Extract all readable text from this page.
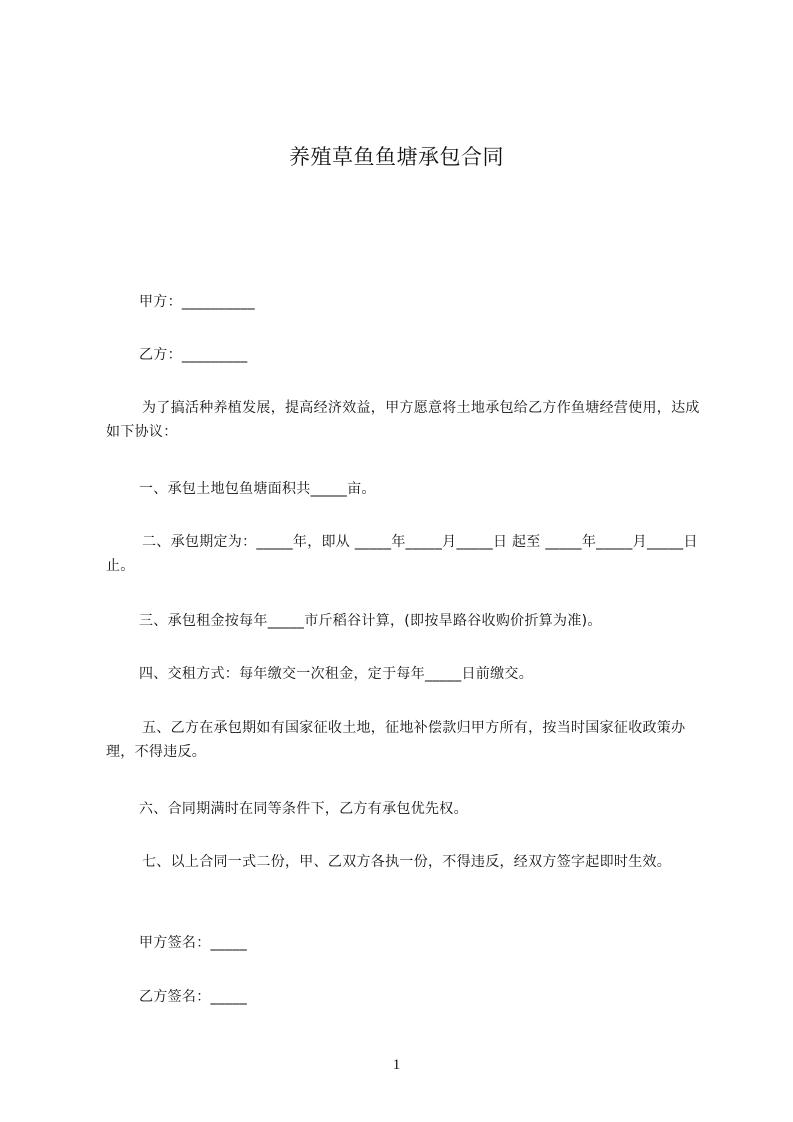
养殖草鱼鱼塘承包合同
甲方：__________
乙方：_________
为了搞活种养植发展，提高经济效益，甲方愿意将土地承包给乙方作鱼塘经营使用，达成如下协议：
一、承包土地包鱼塘面积共_____亩。
二、承包期定为：_____年，即从 _____年_____月_____日 起至 _____年_____月_____日 止。
三、承包租金按每年_____市斤稻谷计算，(即按旱路谷收购价折算为准)。
四、交租方式：每年缴交一次租金，定于每年_____日前缴交。
五、乙方在承包期如有国家征收土地，征地补偿款归甲方所有，按当时国家征收政策办理，不得违反。
六、合同期满时在同等条件下，乙方有承包优先权。
七、以上合同一式二份，甲、乙双方各执一份，不得违反，经双方签字起即时生效。
甲方签名：_____
乙方签名：_____
1
